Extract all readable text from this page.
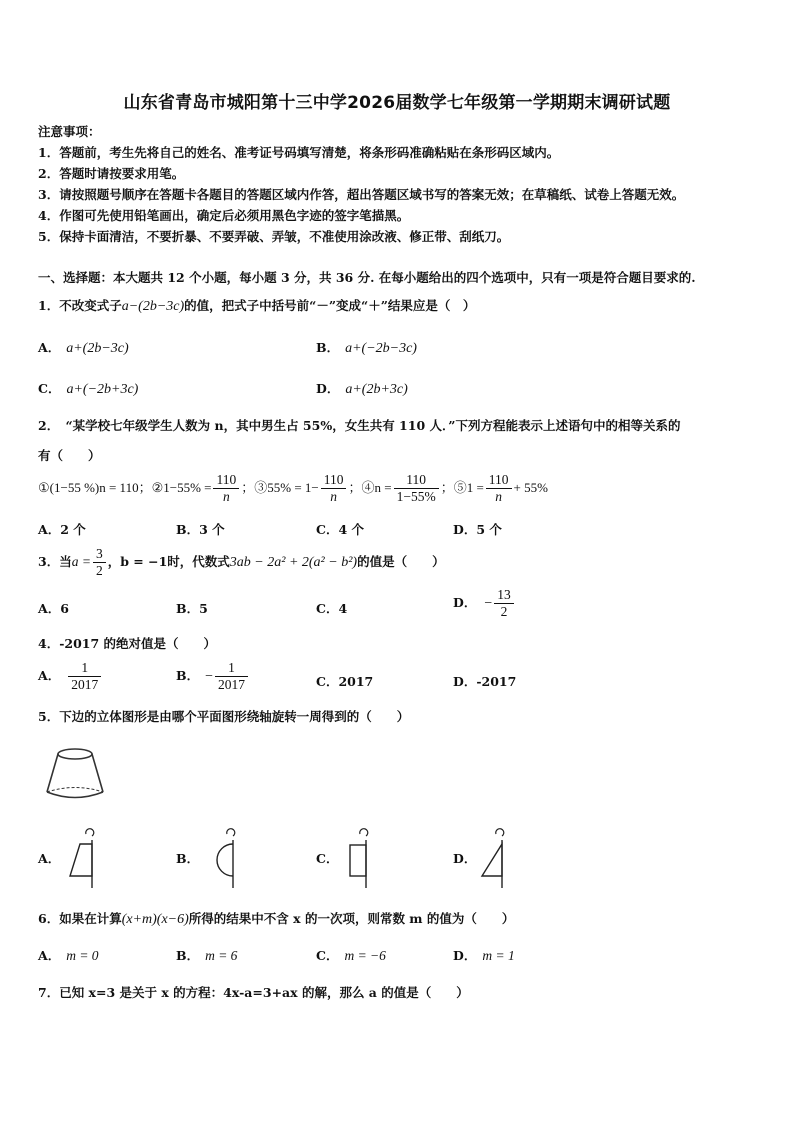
山东省青岛市城阳第十三中学2026届数学七年级第一学期期末调研试题
注意事项：
1．答题前，考生先将自己的姓名、准考证号码填写清楚，将条形码准确粘贴在条形码区域内。
2．答题时请按要求用笔。
3．请按照题号顺序在答题卡各题目的答题区域内作答，超出答题区域书写的答案无效；在草稿纸、试卷上答题无效。
4．作图可先使用铅笔画出，确定后必须用黑色字迹的签字笔描黑。
5．保持卡面清洁，不要折暴、不要弄破、弄皱，不准使用涂改液、修正带、刮纸刀。
一、选择题：本大题共 12 个小题，每小题 3 分，共 36 分. 在每小题给出的四个选项中，只有一项是符合题目要求的.
1．不改变式子a−(2b−3c)的值，把式子中括号前“－”变成“＋”结果应是（　）
A． a+(2b−3c)	B． a+(−2b−3c)
C． a+(−2b+3c)	D． a+(2b+3c)
2．　“某学校七年级学生人数为 n，其中男生占 55%，女生共有 110 人．”下列方程能表示上述语句中的相等关系的
有（　　）
①(1−55 %)n = 110；②1−55% = $\frac{110}{n}$ ；③55% = $1- \frac{110}{n}$ ；④n = $\frac{110}{1-55\%}$ ；⑤1 = $\frac{110}{n} + 55\%$
A．2 个	B．3 个	C．4 个	D．5 个
3．当$a = \frac{3}{2}$ ，b = −1时，代数式3ab − 2a² + 2(a² − b²)的值是（　　）
A．6	B．5	C．4	D． − $\frac{13}{2}$
4．-2017 的绝对值是（　　）
A． $\frac{1}{2017}$	B． − $\frac{1}{2017}$	C．2017	D．-2017
5．下边的立体图形是由哪个平面图形绕轴旋转一周得到的（　　）
A．	B．	C．	D．
6．如果在计算(x+m)(x−6)所得的结果中不含 x 的一次项，则常数 m 的值为（　　）
A． m = 0	B． m = 6	C． m = −6	D． m = 1
7．已知 x=3 是关于 x 的方程：4x-a=3+ax 的解，那么 a 的值是（　　）
